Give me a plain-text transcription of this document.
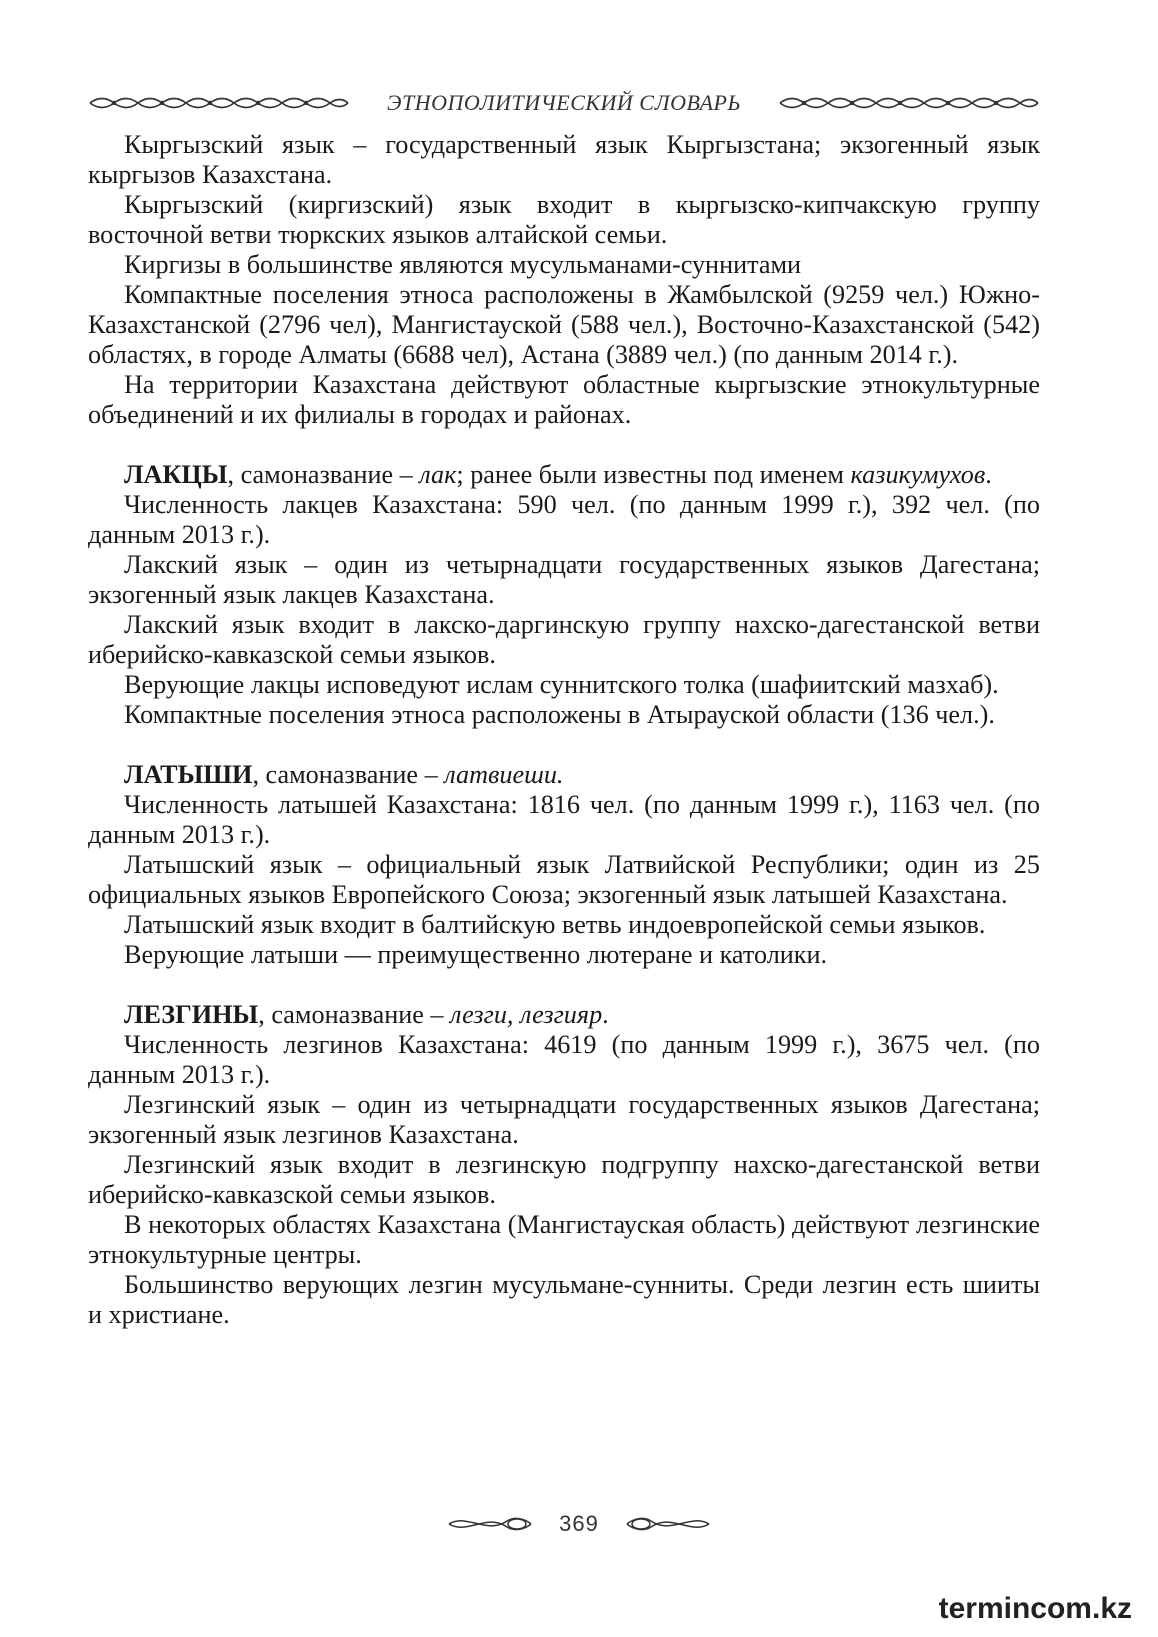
ЭТНОПОЛИТИЧЕСКИЙ СЛОВАРЬ

Кыргызский язык – государственный язык Кыргызстана; экзогенный язык кыргызов Казахстана.

Кыргызский (киргизский) язык входит в кыргызско-кипчакскую группу восточной ветви тюркских языков алтайской семьи.

Киргизы в большинстве являются мусульманами-суннитами

Компактные поселения этноса расположены в Жамбылской (9259 чел.) Южно-Казахстанской (2796 чел), Мангистауской (588 чел.), Восточно-Казахстанской (542) областях, в городе Алматы (6688 чел), Астана (3889 чел.) (по данным 2014 г.).

На территории Казахстана действуют областные кыргызские этнокультурные объединений и их филиалы в городах и районах.

ЛАКЦЫ, самоназвание – лак; ранее были известны под именем казикумухов.

Численность лакцев Казахстана: 590 чел. (по данным 1999 г.), 392 чел. (по данным 2013 г.).

Лакский язык – один из четырнадцати государственных языков Дагестана; экзогенный язык лакцев Казахстана.

Лакский язык входит в лакско-даргинскую группу нахско-дагестанской ветви иберийско-кавказской семьи языков.

Верующие лакцы исповедуют ислам суннитского толка (шафиитский мазхаб).

Компактные поселения этноса расположены в Атырауской области (136 чел.).

ЛАТЫШИ, самоназвание – латвиеши.

Численность латышей Казахстана: 1816 чел. (по данным 1999 г.), 1163 чел. (по данным 2013 г.).

Латышский язык – официальный язык Латвийской Республики; один из 25 официальных языков Европейского Союза; экзогенный язык латышей Казахстана.

Латышский язык входит в балтийскую ветвь индоевропейской семьи языков.

Верующие латыши — преимущественно лютеране и католики.

ЛЕЗГИНЫ, самоназвание – лезги, лезгияр.

Численность лезгинов Казахстана: 4619 (по данным 1999 г.), 3675 чел. (по данным 2013 г.).

Лезгинский язык – один из четырнадцати государственных языков Дагестана; экзогенный язык лезгинов Казахстана.

Лезгинский язык входит в лезгинскую подгруппу нахско-дагестанской ветви иберийско-кавказской семьи языков.

В некоторых областях Казахстана (Мангистауская область) действуют лезгинские этнокультурные центры.

Большинство верующих лезгин мусульмане-сунниты. Среди лезгин есть шииты и христиане.

369
termincom.kz
